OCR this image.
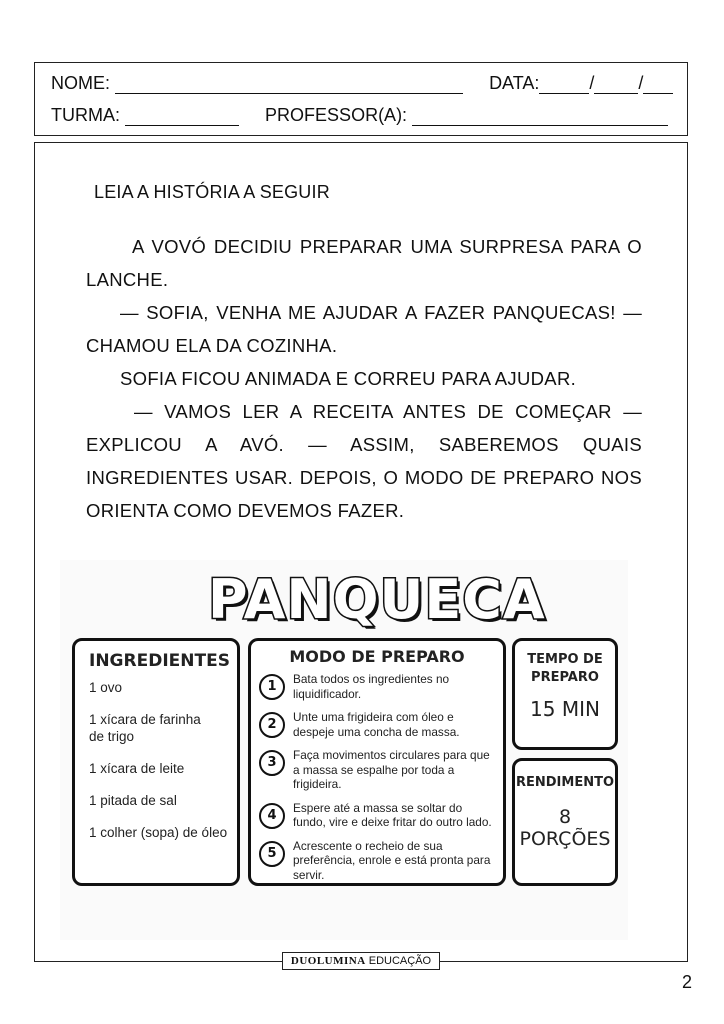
NOME:	DATA:	/ /
TURMA:	PROFESSOR(A):
LEIA A HISTÓRIA A SEGUIR

A VOVÓ DECIDIU PREPARAR UMA SURPRESA PARA O LANCHE.

— SOFIA, VENHA ME AJUDAR A FAZER PANQUECAS! — CHAMOU ELA DA COZINHA.

SOFIA FICOU ANIMADA E CORREU PARA AJUDAR.

— VAMOS LER A RECEITA ANTES DE COMEÇAR — EXPLICOU A AVÓ. — ASSIM, SABEREMOS QUAIS INGREDIENTES USAR. DEPOIS, O MODO DE PREPARO NOS ORIENTA COMO DEVEMOS FAZER.

PANQUECA
INGREDIENTES
1 ovo
1 xícara de farinha de trigo
1 xícara de leite
1 pitada de sal
1 colher (sopa) de óleo
MODO DE PREPARO
1	Bata todos os ingredientes no liquidificador.
2	Unte uma frigideira com óleo e despeje uma concha de massa.
3	Faça movimentos circulares para que a massa se espalhe por toda a frigideira.
4	Espere até a massa se soltar do fundo, vire e deixe fritar do outro lado.
5	Acrescente o recheio de sua preferência, enrole e está pronta para servir.
TEMPO DE PREPARO
15 MIN
RENDIMENTO
8 PORÇÕES
DUOLUMINA EDUCAÇÃO
2
